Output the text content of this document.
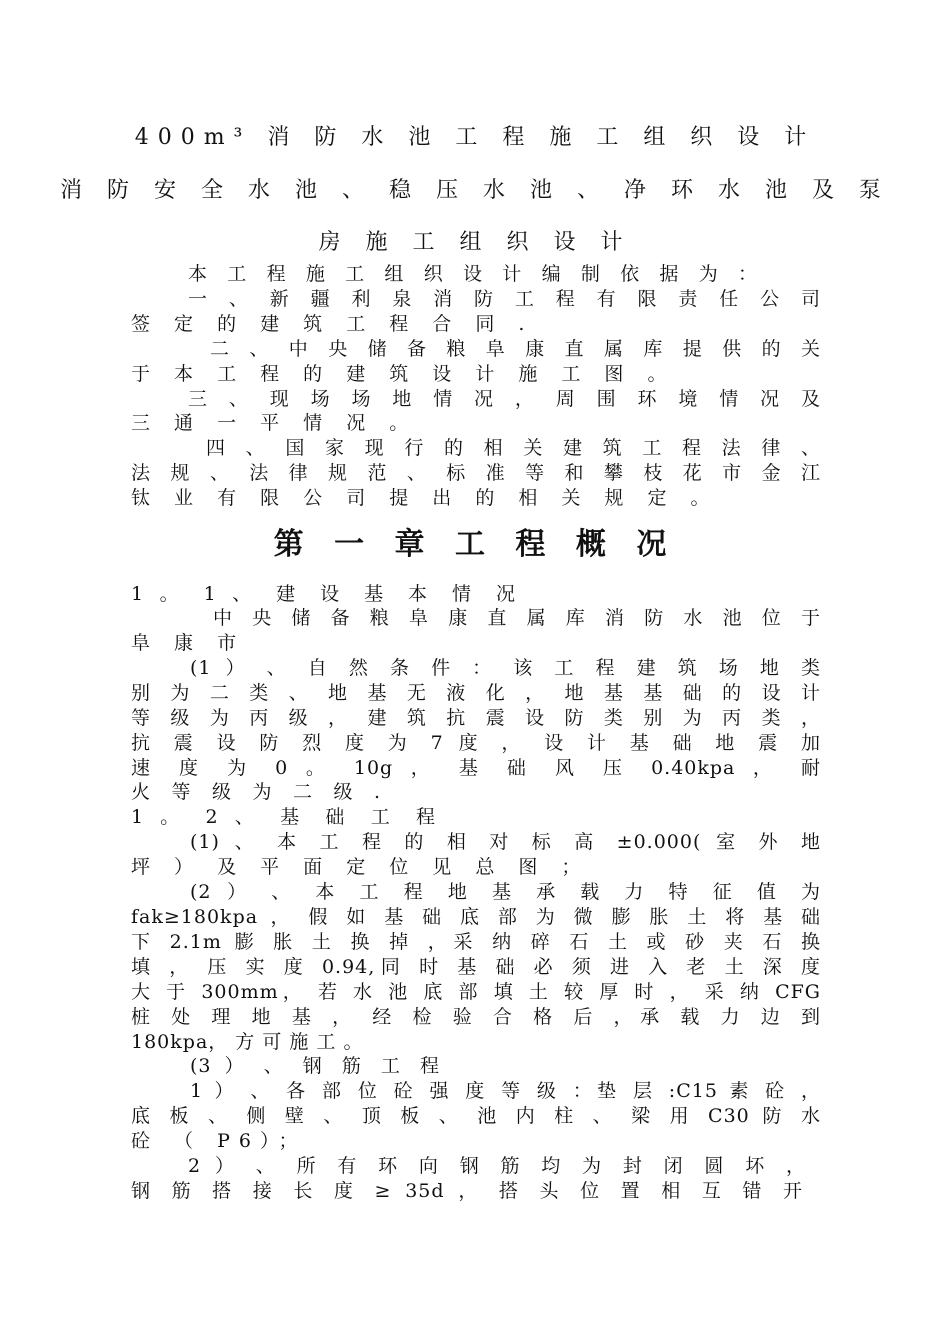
400m³ 消 防 水 池 工 程 施 工 组 织 设 计
消 防 安 全 水 池 、 稳 压 水 池 、 净 环 水 池 及 泵
房 施 工 组 织 设 计
本 工 程 施 工 组 织 设 计 编 制 依 据 为 ：
一 、 新 疆 利 泉 消 防 工 程 有 限 责 任 公 司
签 定 的 建 筑 工 程 合 同 .
二 、 中 央 储 备 粮 阜 康 直 属 库 提 供 的 关
于 本 工 程 的 建 筑 设 计 施 工 图 。
三 、 现 场 场 地 情 况 ， 周 围 环 境 情 况 及
三 通 一 平 情 况 。
四 、 国 家 现 行 的 相 关 建 筑 工 程 法 律 、
法 规 、 法 律 规 范 、 标 准 等 和 攀 枝 花 市 金 江
钛 业 有 限 公 司 提 出 的 相 关 规 定 。
第 一 章 工 程 概 况
1 。 1 、 建 设 基 本 情 况
中 央 储 备 粮 阜 康 直 属 库 消 防 水 池 位 于
阜 康 市
(1 ） 、 自 然 条 件 ： 该 工 程 建 筑 场 地 类
别 为 二 类 、 地 基 无 液 化 ， 地 基 基 础 的 设 计
等 级 为 丙 级 ， 建 筑 抗 震 设 防 类 别 为 丙 类 ，
抗 震 设 防 烈 度 为 7 度 ， 设 计 基 础 地 震 加
速 度 为 0 。 10g ， 基 础 风 压 0.40kpa ， 耐
火 等 级 为 二 级 .
1 。 2 、 基 础 工 程
(1) 、 本 工 程 的 相 对 标 高 ±0.000( 室 外 地
坪 ） 及 平 面 定 位 见 总 图 ；
(2 ） 、 本 工 程 地 基 承 载 力 特 征 值 为
fak≥180kpa ， 假 如 基 础 底 部 为 微 膨 胀 土 将 基 础
下 2.1m 膨 胀 土 换 掉 ，采 纳 碎 石 土 或 砂 夹 石 换
填 ， 压 实 度 0.94,同 时 基 础 必 须 进 入 老 土 深 度
大 于 300mm， 若 水 池 底 部 填 土 较 厚 时 ， 采 纳 CFG
桩 处 理 地 基 ， 经 检 验 合 格 后 ，承 载 力 边 到
180kpa， 方 可 施 工 。
(3 ） 、 钢 筋 工 程
1 ） 、 各 部 位 砼 强 度 等 级 ：垫 层 :C15 素 砼 ，
底 板 、 侧 壁 、 顶 板 、 池 内 柱 、 梁 用 C30 防 水
砼 （ P6）；
2 ） 、 所 有 环 向 钢 筋 均 为 封 闭 圆 坏 ，
钢 筋 搭 接 长 度 ≥ 35d ， 搭 头 位 置 相 互 错 开
